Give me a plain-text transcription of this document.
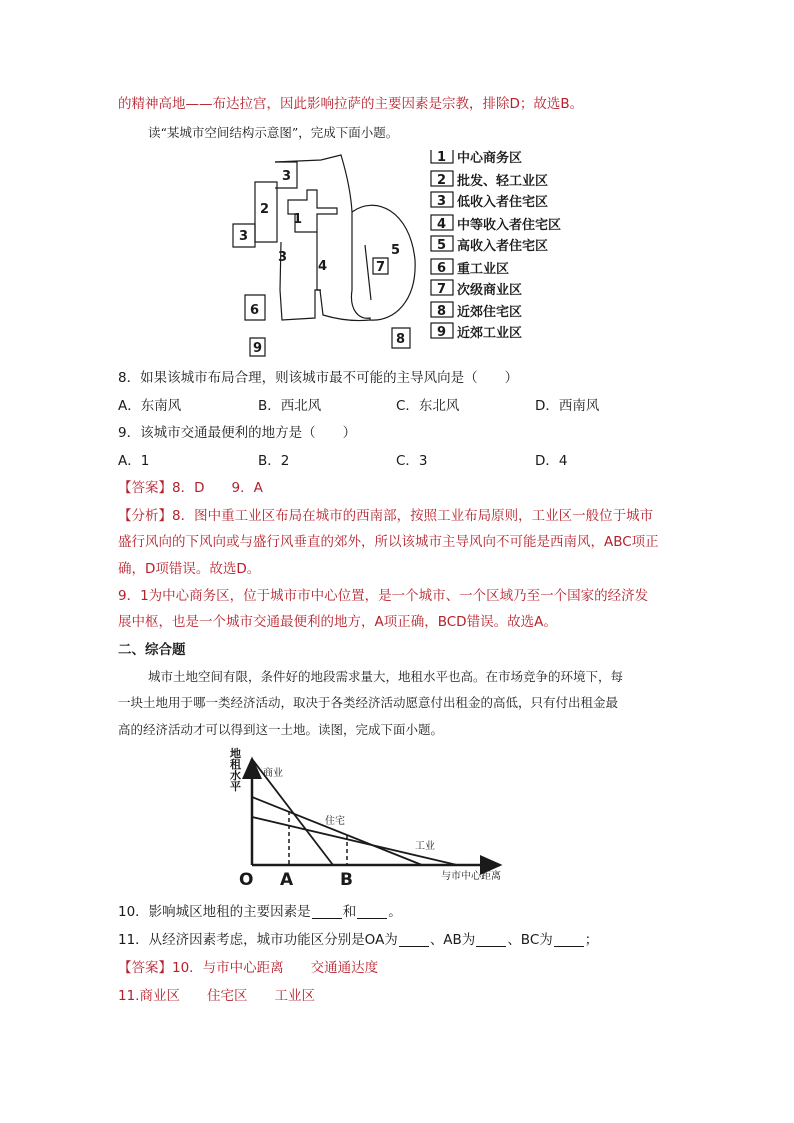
的精神高地——布达拉宫，因此影响拉萨的主要因素是宗教，排除D；故选B。
读“某城市空间结构示意图”，完成下面小题。
3
2
3
1
3
4
5
7
6
9
8
1 中心商务区
2 批发、轻工业区
3 低收入者住宅区
4 中等收入者住宅区
5 高收入者住宅区
6 重工业区
7 次级商业区
8 近郊住宅区
9 近郊工业区
8．如果该城市布局合理，则该城市最不可能的主导风向是（　　）
A．东南风	B．西北风	C．东北风	D．西南风
9．该城市交通最便利的地方是（　　）
A．1	B．2	C．3	D．4
【答案】8．D　　9．A
【分析】8．图中重工业区布局在城市的西南部，按照工业布局原则，工业区一般位于城市
盛行风向的下风向或与盛行风垂直的郊外，所以该城市主导风向不可能是西南风，ABC项正
确，D项错误。故选D。
9．1为中心商务区，位于城市市中心位置，是一个城市、一个区域乃至一个国家的经济发
展中枢，也是一个城市交通最便利的地方，A项正确，BCD错误。故选A。
二、综合题
城市土地空间有限，条件好的地段需求量大，地租水平也高。在市场竞争的环境下，每
一块土地用于哪一类经济活动，取决于各类经济活动愿意付出租金的高低，只有付出租金最
高的经济活动才可以得到这一土地。读图，完成下面小题。
地
租
水
平
商业
住宅
工业
与市中心距离
O A	B
10．影响城区地租的主要因素是 和 。
11．从经济因素考虑，城市功能区分别是OA为 、AB为 、BC为 ；
【答案】10．与市中心距离　　交通通达度
11.商业区　　住宅区　　工业区
